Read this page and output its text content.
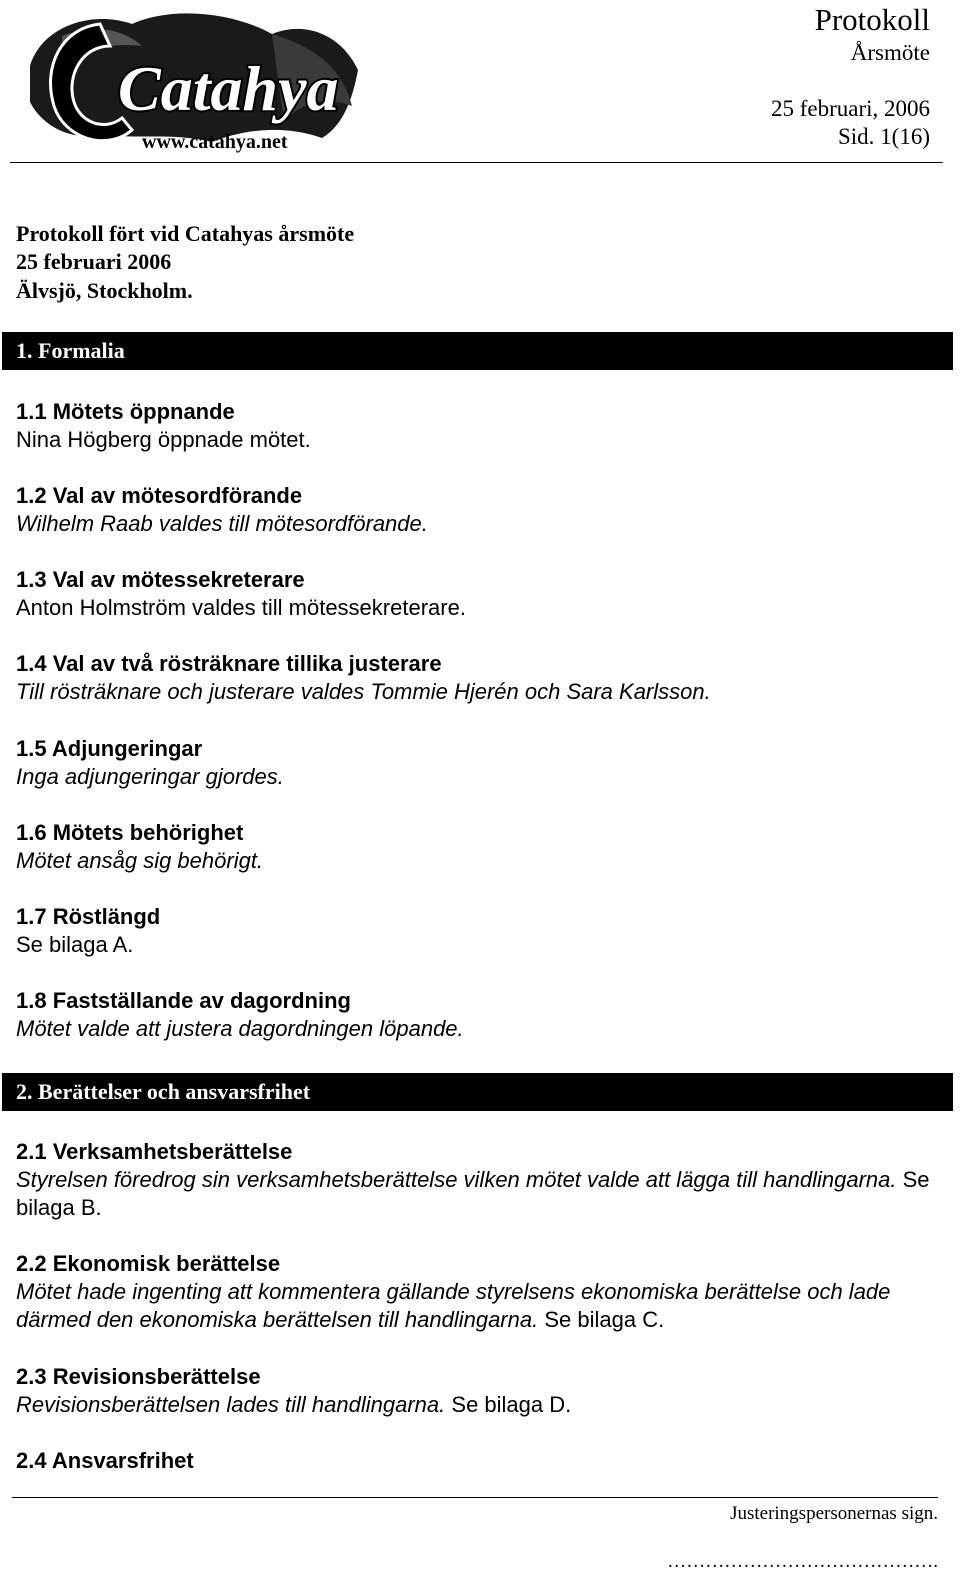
Catahya
www.catahya.net
Protokoll
Årsmöte
25 februari, 2006
Sid. 1(16)
Protokoll fört vid Catahyas årsmöte
25 februari 2006
Älvsjö, Stockholm.
1. Formalia
1.1 Mötets öppnande
Nina Högberg öppnade mötet.
1.2 Val av mötesordförande
Wilhelm Raab valdes till mötesordförande.
1.3 Val av mötessekreterare
Anton Holmström valdes till mötessekreterare.
1.4 Val av två rösträknare tillika justerare
Till rösträknare och justerare valdes Tommie Hjerén och Sara Karlsson.
1.5 Adjungeringar
Inga adjungeringar gjordes.
1.6 Mötets behörighet
Mötet ansåg sig behörigt.
1.7 Röstlängd
Se bilaga A.
1.8 Fastställande av dagordning
Mötet valde att justera dagordningen löpande.
2. Berättelser och ansvarsfrihet
2.1 Verksamhetsberättelse
Styrelsen föredrog sin verksamhetsberättelse vilken mötet valde att lägga till handlingarna. Se bilaga B.
2.2 Ekonomisk berättelse
Mötet hade ingenting att kommentera gällande styrelsens ekonomiska berättelse och lade därmed den ekonomiska berättelsen till handlingarna. Se bilaga C.
2.3 Revisionsberättelse
Revisionsberättelsen lades till handlingarna. Se bilaga D.
2.4 Ansvarsfrihet
Justeringspersonernas sign.
…………………………………….
